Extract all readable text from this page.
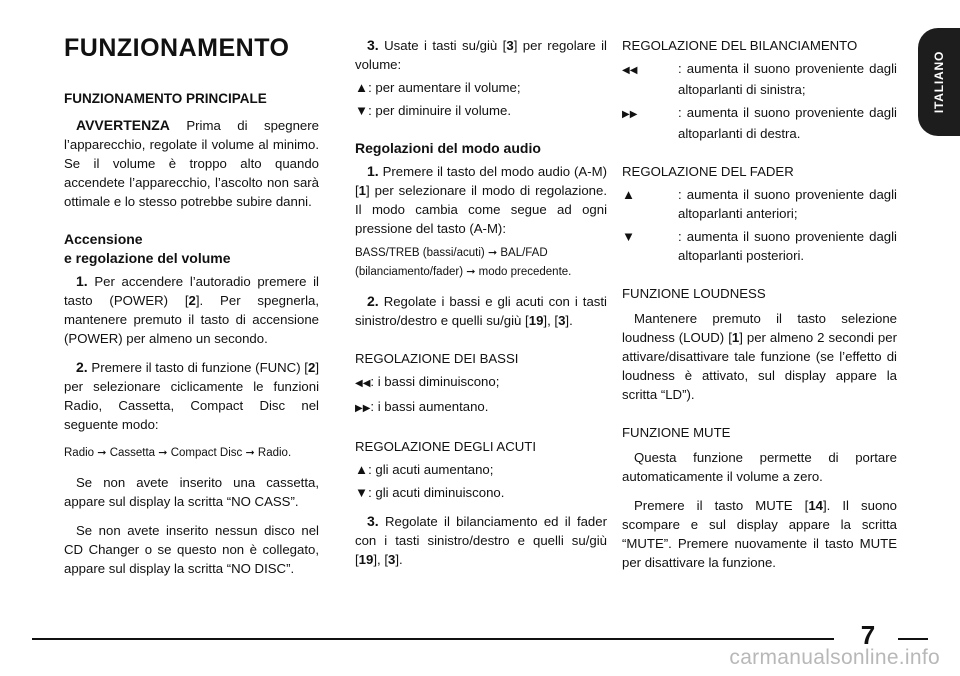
ITALIANO
FUNZIONAMENTO
FUNZIONAMENTO PRINCIPALE

AVVERTENZA Prima di spegnere l’apparecchio, regolate il volume al minimo. Se il volume è troppo alto quando accendete l’apparecchio, l’ascolto non sarà ottimale e lo stesso potrebbe subire danni.

Accensione
e regolazione del volume

1. Per accendere l’autoradio premere il tasto (POWER) [2]. Per spegnerla, mantenere premuto il tasto di accensione (POWER) per almeno un secondo.

2. Premere il tasto di funzione (FUNC) [2] per selezionare ciclicamente le funzioni Radio, Cassetta, Compact Disc nel seguente modo:

Radio ➞ Cassetta ➞ Compact Disc ➞ Radio.

Se non avete inserito una cassetta, appare sul display la scritta “NO CASS”.

Se non avete inserito nessun disco nel CD Changer o se questo non è collegato, appare sul display la scritta “NO DISC”.

3. Usate i tasti su/giù [3] per regolare il volume:

▲: per aumentare il volume;

▼: per diminuire il volume.

Regolazioni del modo audio

1. Premere il tasto del modo audio (A-M) [1] per selezionare il modo di regolazione. Il modo cambia come segue ad ogni pressione del tasto (A-M):

BASS/TREB (bassi/acuti) ➞ BAL/FAD (bilanciamento/fader) ➞ modo precedente.

2. Regolate i bassi e gli acuti con i tasti sinistro/destro e quelli su/giù [19], [3].

REGOLAZIONE DEI BASSI

◀◀: i bassi diminuiscono;

▶▶: i bassi aumentano.

REGOLAZIONE DEGLI ACUTI

▲: gli acuti aumentano;

▼: gli acuti diminuiscono.

3. Regolate il bilanciamento ed il fader con i tasti sinistro/destro e quelli su/giù [19], [3].

REGOLAZIONE DEL BILANCIAMENTO

◀◀	: aumenta il suono proveniente dagli altoparlanti di sinistra;

▶▶	: aumenta il suono proveniente dagli altoparlanti di destra.

REGOLAZIONE DEL FADER

▲	: aumenta il suono proveniente dagli altoparlanti anteriori;

▼	: aumenta il suono proveniente dagli altoparlanti posteriori.

FUNZIONE LOUDNESS

Mantenere premuto il tasto selezione loudness (LOUD) [1] per almeno 2 secondi per attivare/disattivare tale funzione (se l’effetto di loudness è attivato, sul display appare la scritta “LD”).

FUNZIONE MUTE

Questa funzione permette di portare automaticamente il volume a zero.

Premere il tasto MUTE [14]. Il suono scompare e sul display appare la scritta “MUTE”. Premere nuovamente il tasto MUTE per disattivare la funzione.

7
carmanualsonline.info
